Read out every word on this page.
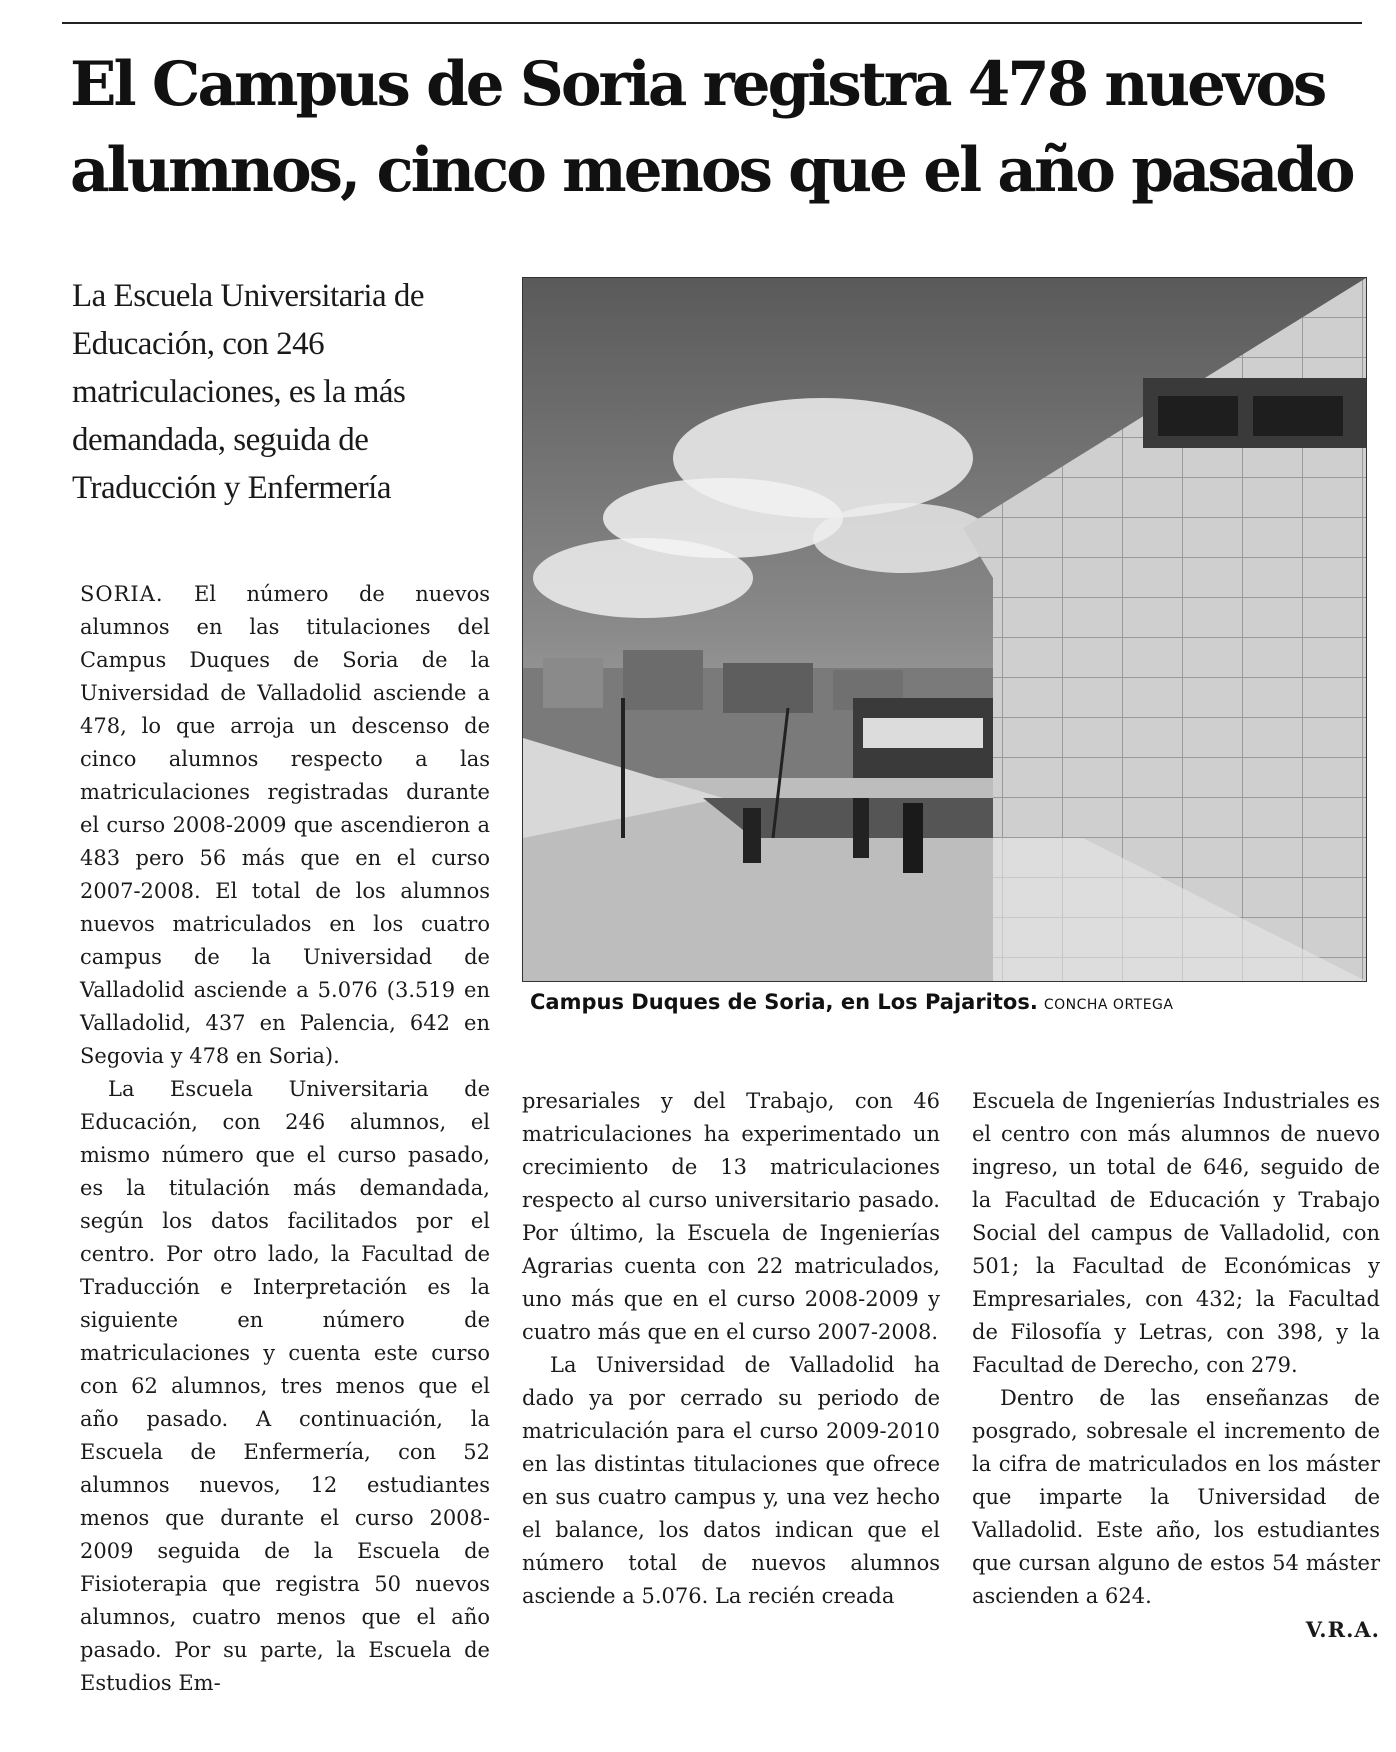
El Campus de Soria registra 478 nuevos
alumnos, cinco menos que el año pasado

La Escuela Universitaria de Educación, con 246 matriculaciones, es la más demandada, seguida de Traducción y Enfermería

SORIA. El número de nuevos alumnos en las titulaciones del Campus Duques de Soria de la Universidad de Valladolid asciende a 478, lo que arroja un descenso de cinco alumnos respecto a las matriculaciones registradas durante el curso 2008-2009 que ascendieron a 483 pero 56 más que en el curso 2007-2008. El total de los alumnos nuevos matriculados en los cuatro campus de la Universidad de Valladolid asciende a 5.076 (3.519 en Valladolid, 437 en Palencia, 642 en Segovia y 478 en Soria).

La Escuela Universitaria de Educación, con 246 alumnos, el mismo número que el curso pasado, es la titulación más demandada, según los datos facilitados por el centro. Por otro lado, la Facultad de Traducción e Interpretación es la siguiente en número de matriculaciones y cuenta este curso con 62 alumnos, tres menos que el año pasado. A continuación, la Escuela de Enfermería, con 52 alumnos nuevos, 12 estudiantes menos que durante el curso 2008-2009 seguida de la Escuela de Fisioterapia que registra 50 nuevos alumnos, cuatro menos que el año pasado. Por su parte, la Escuela de Estudios Em-

Campus Duques de Soria, en Los Pajaritos. CONCHA ORTEGA

presariales y del Trabajo, con 46 matriculaciones ha experimentado un crecimiento de 13 matriculaciones respecto al curso universitario pasado. Por último, la Escuela de Ingenierías Agrarias cuenta con 22 matriculados, uno más que en el curso 2008-2009 y cuatro más que en el curso 2007-2008.

La Universidad de Valladolid ha dado ya por cerrado su periodo de matriculación para el curso 2009-2010 en las distintas titulaciones que ofrece en sus cuatro campus y, una vez hecho el balance, los datos indican que el número total de nuevos alumnos asciende a 5.076. La recién creada

Escuela de Ingenierías Industriales es el centro con más alumnos de nuevo ingreso, un total de 646, seguido de la Facultad de Educación y Trabajo Social del campus de Valladolid, con 501; la Facultad de Económicas y Empresariales, con 432; la Facultad de Filosofía y Letras, con 398, y la Facultad de Derecho, con 279.

Dentro de las enseñanzas de posgrado, sobresale el incremento de la cifra de matriculados en los máster que imparte la Universidad de Valladolid. Este año, los estudiantes que cursan alguno de estos 54 máster ascienden a 624.

V.R.A.
